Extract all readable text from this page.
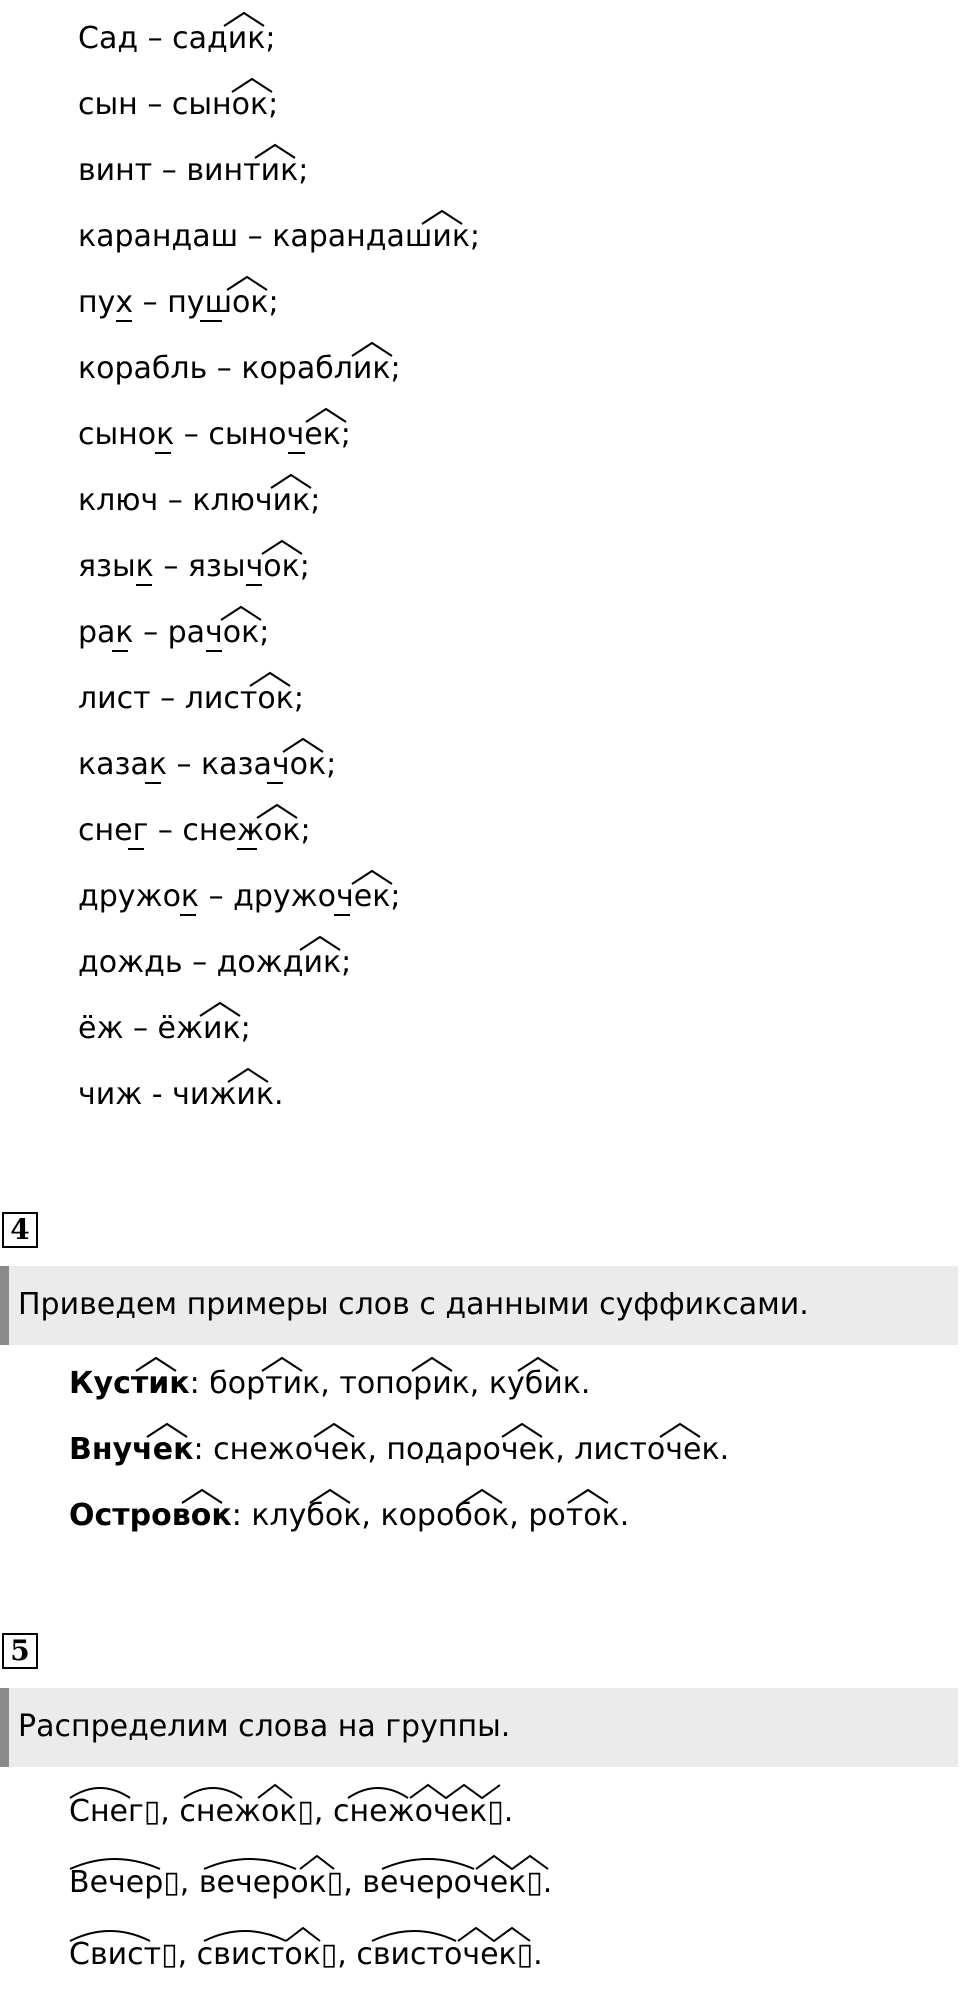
Сад – садик;
сын – сынок;
винт – винтик;
карандаш – карандашик;
пух – пушок;
корабль – кораблик;
сынок – сыночек;
ключ – ключик;
язык – язычок;
рак – рачок;
лист – листок;
казак – казачок;
снег – снежок;
дружок – дружочек;
дождь – дождик;
ёж – ёжик;
чиж - чижик.
4
Приведем примеры слов с данными суффиксами.
Кустик: бортик, топорик, кубик.
Внучек: снежочек, подарочек, листочек.
Островок: клубок, коробок, роток.
5
Распределим слова на группы.
Снег▯, снежок▯, снежочек▯.
Вечер▯, вечерок▯, вечерочек▯.
Свист▯, свисток▯, свисточек▯.
